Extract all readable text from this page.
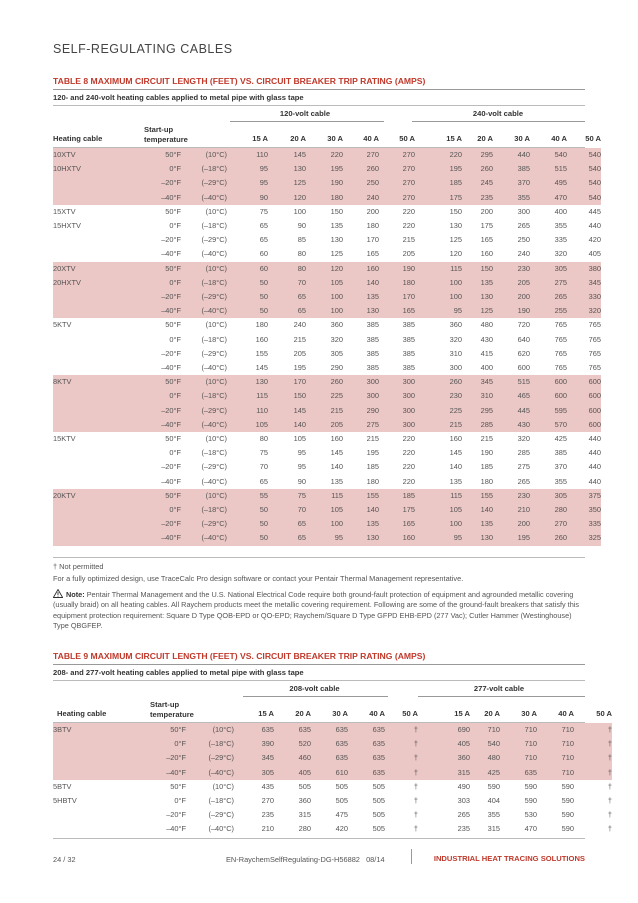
SELF-REGULATING CABLES
TABLE 8 MAXIMUM CIRCUIT LENGTH (FEET) VS. CIRCUIT BREAKER TRIP RATING (AMPS)
120- and 240-volt heating cables applied to metal pipe with glass tape
120-volt cable	240-volt cable
Heating cable
Start-up
temperature	15 A	20 A	30 A	40 A	50 A	15 A	20 A	30 A	40 A	50 A
10XTV	50°F	(10°C)	110	145	220	270	270	220	295	440	540	540
10HXTV	0°F	(–18°C)	95	130	195	260	270	195	260	385	515	540
	–20°F	(–29°C)	95	125	190	250	270	185	245	370	495	540
	–40°F	(–40°C)	90	120	180	240	270	175	235	355	470	540
15XTV	50°F	(10°C)	75	100	150	200	220	150	200	300	400	445
15HXTV	0°F	(–18°C)	65	90	135	180	220	130	175	265	355	440
	–20°F	(–29°C)	65	85	130	170	215	125	165	250	335	420
	–40°F	(–40°C)	60	80	125	165	205	120	160	240	320	405
20XTV	50°F	(10°C)	60	80	120	160	190	115	150	230	305	380
20HXTV	0°F	(–18°C)	50	70	105	140	180	100	135	205	275	345
	–20°F	(–29°C)	50	65	100	135	170	100	130	200	265	330
	–40°F	(–40°C)	50	65	100	130	165	95	125	190	255	320
5KTV	50°F	(10°C)	180	240	360	385	385	360	480	720	765	765
	0°F	(–18°C)	160	215	320	385	385	320	430	640	765	765
	–20°F	(–29°C)	155	205	305	385	385	310	415	620	765	765
	–40°F	(–40°C)	145	195	290	385	385	300	400	600	765	765
8KTV	50°F	(10°C)	130	170	260	300	300	260	345	515	600	600
	0°F	(–18°C)	115	150	225	300	300	230	310	465	600	600
	–20°F	(–29°C)	110	145	215	290	300	225	295	445	595	600
	–40°F	(–40°C)	105	140	205	275	300	215	285	430	570	600
15KTV	50°F	(10°C)	80	105	160	215	220	160	215	320	425	440
	0°F	(–18°C)	75	95	145	195	220	145	190	285	385	440
	–20°F	(–29°C)	70	95	140	185	220	140	185	275	370	440
	–40°F	(–40°C)	65	90	135	180	220	135	180	265	355	440
20KTV	50°F	(10°C)	55	75	115	155	185	115	155	230	305	375
	0°F	(–18°C)	50	70	105	140	175	105	140	210	280	350
	–20°F	(–29°C)	50	65	100	135	165	100	135	200	270	335
	–40°F	(–40°C)	50	65	95	130	160	95	130	195	260	325
† Not permitted
For a fully optimized design, use TraceCalc Pro design software or contact your Pentair Thermal Management representative.
Note: Pentair Thermal Management and the U.S. National Electrical Code require both ground-fault protection of equipment and agrounded metallic covering (usually braid) on all heating cables. All Raychem products meet the metallic covering requirement. Following are some of the ground-fault breakers that satisfy this equipment protection requirement: Square D Type QOB-EPD or QO-EPD; Raychem/Square D Type GFPD EHB-EPD (277 Vac); Cutler Hammer (Westinghouse) Type QBGFEP.
TABLE 9 MAXIMUM CIRCUIT LENGTH (FEET) VS. CIRCUIT BREAKER TRIP RATING (AMPS)
208- and 277-volt heating cables applied to metal pipe with glass tape
208-volt cable	277-volt cable
Heating cable
Start-up
temperature	15 A	20 A	30 A	40 A	50 A	15 A	20 A	30 A	40 A	50 A
3BTV	50°F	(10°C)	635	635	635	635	†	690	710	710	710	†
	0°F	(–18°C)	390	520	635	635	†	405	540	710	710	†
	–20°F	(–29°C)	345	460	635	635	†	360	480	710	710	†
	–40°F	(–40°C)	305	405	610	635	†	315	425	635	710	†
5BTV	50°F	(10°C)	435	505	505	505	†	490	590	590	590	†
5HBTV	0°F	(–18°C)	270	360	505	505	†	303	404	590	590	†
	–20°F	(–29°C)	235	315	475	505	†	265	355	530	590	†
	–40°F	(–40°C)	210	280	420	505	†	235	315	470	590	†
24 / 32	EN-RaychemSelfRegulating-DG-H56882   08/14	INDUSTRIAL HEAT TRACING SOLUTIONS
